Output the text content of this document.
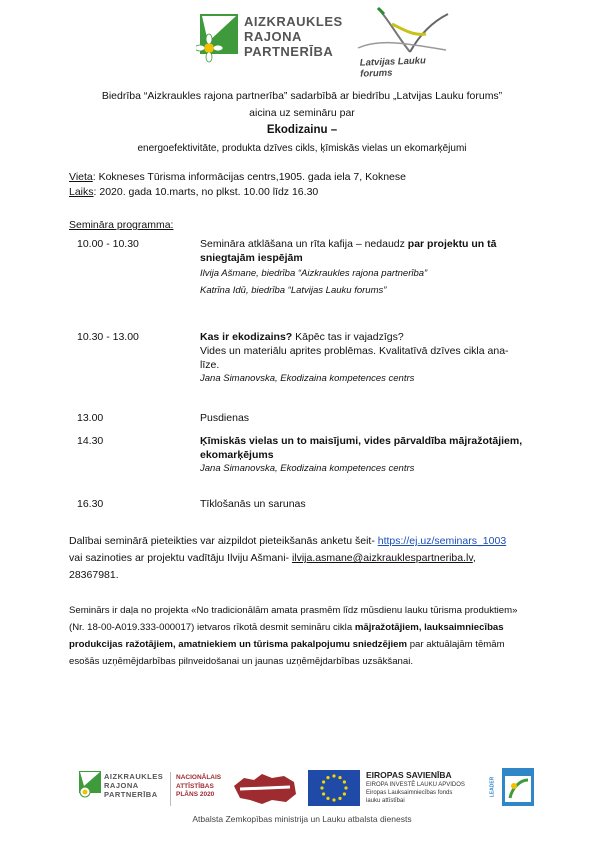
AIZKRAUKLES
RAJONA
PARTNERĪBA
Latvijas Lauku forums
Biedrība “Aizkraukles rajona partnerība” sadarbībā ar biedrību „Latvijas Lauku forums”
aicina uz semināru par
Ekodizainu –
energoefektivitāte, produkta dzīves cikls, ķīmiskās vielas un ekomarķējumi
Vieta: Kokneses Tūrisma informācijas centrs,1905. gada iela 7, Koknese
Laiks: 2020. gada 10.marts, no plkst. 10.00 līdz 16.30
Semināra programma:
10.00 - 10.30	Semināra atklāšana un rīta kafija – nedaudz par projektu un tā
sniegtajām iespējām
Ilvija Ašmane, biedrība “Aizkraukles rajona partnerība”
Katrīna Idū, biedrība “Latvijas Lauku forums”
10.30 - 13.00	Kas ir ekodizains? Kāpēc tas ir vajadzīgs?
Vides un materiālu aprites problēmas. Kvalitatīvā dzīves cikla ana-
līze.
Jana Simanovska, Ekodizaina kompetences centrs
13.00	Pusdienas
14.30	Ķīmiskās vielas un to maisījumi, vides pārvaldība mājražotājiem,
ekomarķējums
Jana Simanovska, Ekodizaina kompetences centrs
16.30	Tīklošanās un sarunas
Dalībai seminārā pieteikties var aizpildot pieteikšanās anketu šeit- https://ej.uz/seminars_1003
vai sazinoties ar projektu vadītāju Ilviju Ašmani- ilvija.asmane@aizkrauklespartneriba.lv,
28367981.
Seminārs ir daļa no projekta «No tradicionālām amata prasmēm līdz mūsdienu lauku tūrisma produktiem»
(Nr. 18-00-A019.333-000017) ietvaros rīkotā desmit semināru cikla mājražotājiem, lauksaimniecības
produkcijas ražotājiem, amatniekiem un tūrisma pakalpojumu sniedzējiem par aktuālajām tēmām
esošās uzņēmējdarbības pilnveidošanai un jaunas uzņēmējdarbības uzsākšanai.
AIZKRAUKLES
RAJONA
PARTNERĪBA
NACIONĀLAIS
ATTĪSTĪBAS
PLĀNS 2020
EIROPAS SAVIENĪBA
EIROPA INVESTĒ LAUKU APVIDOS
Eiropas Lauksaimniecības fonds
lauku attīstībai
LEADER
Atbalsta Zemkopības ministrija un Lauku atbalsta dienests
